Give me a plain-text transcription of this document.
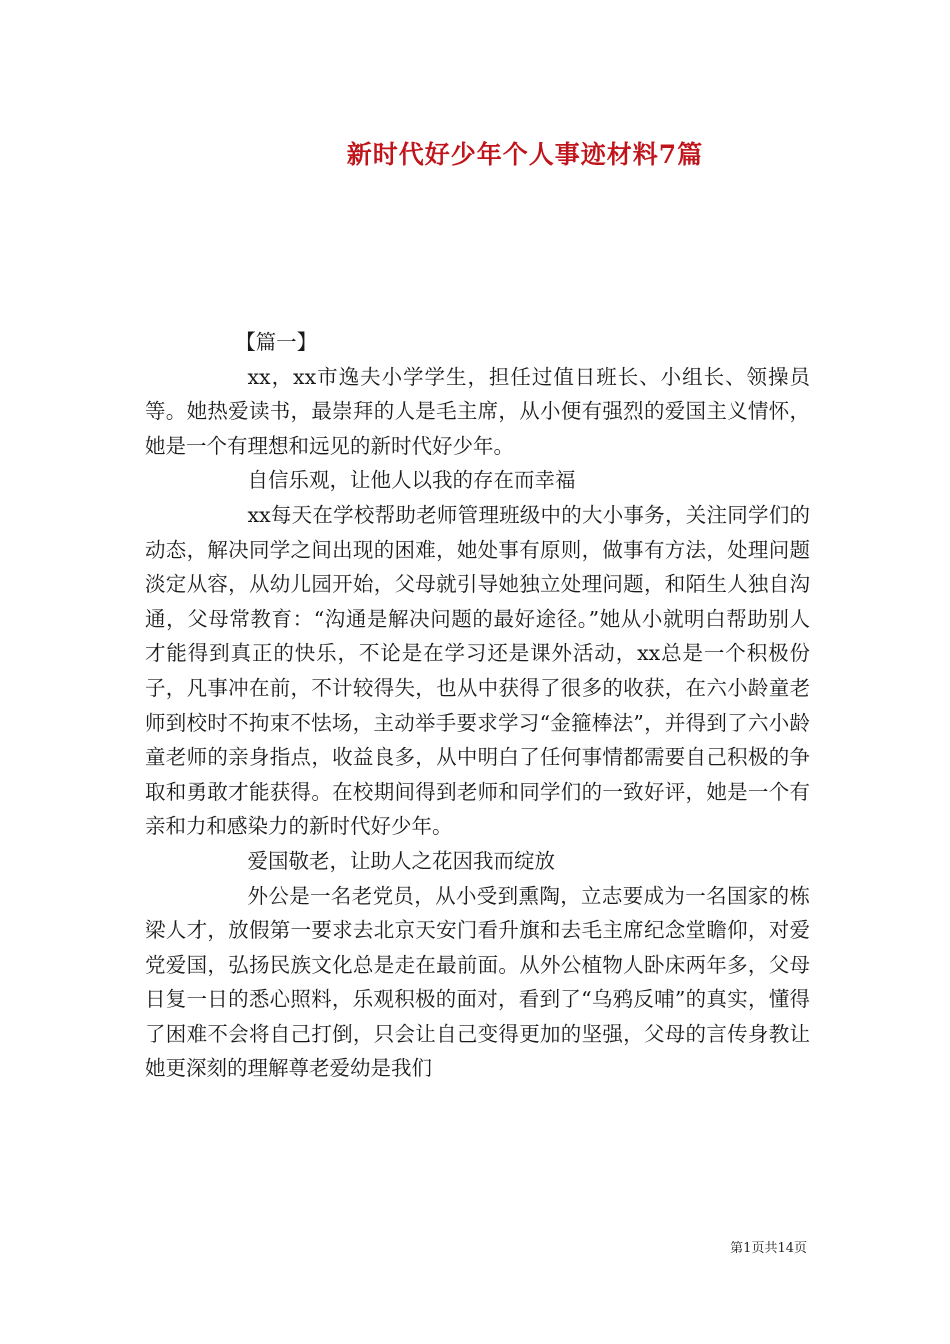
新时代好少年个人事迹材料7篇

【篇一】

xx，xx市逸夫小学学生，担任过值日班长、小组长、领操员等。她热爱读书，最崇拜的人是毛主席，从小便有强烈的爱国主义情怀，她是一个有理想和远见的新时代好少年。

自信乐观，让他人以我的存在而幸福

xx每天在学校帮助老师管理班级中的大小事务，关注同学们的动态，解决同学之间出现的困难，她处事有原则，做事有方法，处理问题淡定从容，从幼儿园开始，父母就引导她独立处理问题，和陌生人独自沟通，父母常教育：“沟通是解决问题的最好途径。”她从小就明白帮助别人才能得到真正的快乐，不论是在学习还是课外活动，xx总是一个积极份子，凡事冲在前，不计较得失，也从中获得了很多的收获，在六小龄童老师到校时不拘束不怯场，主动举手要求学习“金箍棒法”，并得到了六小龄童老师的亲身指点，收益良多，从中明白了任何事情都需要自己积极的争取和勇敢才能获得。在校期间得到老师和同学们的一致好评，她是一个有亲和力和感染力的新时代好少年。

爱国敬老，让助人之花因我而绽放

外公是一名老党员，从小受到熏陶，立志要成为一名国家的栋梁人才，放假第一要求去北京天安门看升旗和去毛主席纪念堂瞻仰，对爱党爱国，弘扬民族文化总是走在最前面。从外公植物人卧床两年多，父母日复一日的悉心照料，乐观积极的面对，看到了“乌鸦反哺”的真实，懂得了困难不会将自己打倒，只会让自己变得更加的坚强，父母的言传身教让她更深刻的理解尊老爱幼是我们

第1页共14页
